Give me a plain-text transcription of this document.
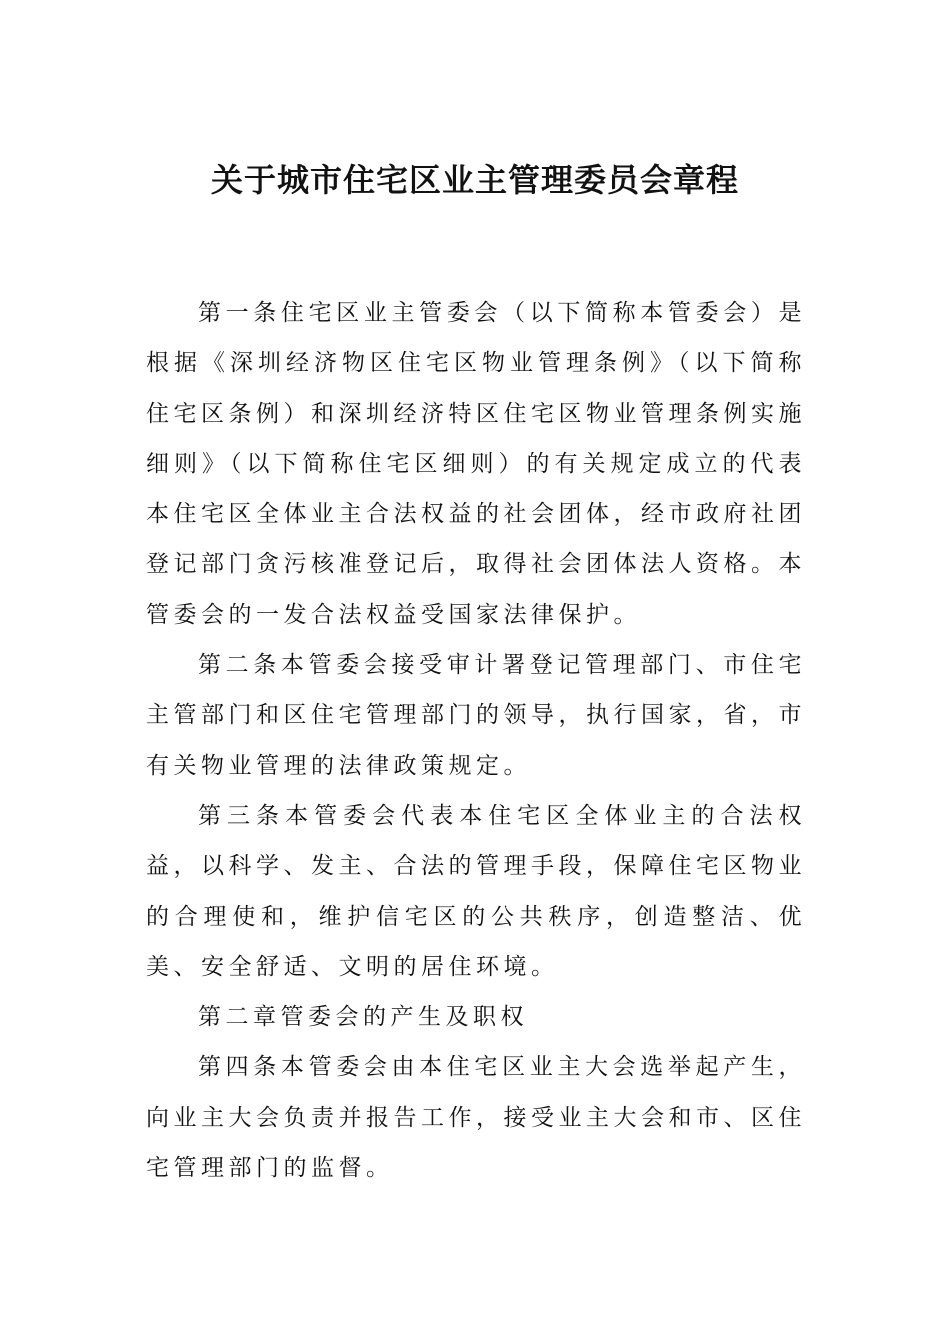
关于城市住宅区业主管理委员会章程

第一条住宅区业主管委会（以下简称本管委会）是根据《深圳经济物区住宅区物业管理条例》（以下简称住宅区条例）和深圳经济特区住宅区物业管理条例实施细则》（以下简称住宅区细则）的有关规定成立的代表本住宅区全体业主合法权益的社会团体，经市政府社团登记部门贪污核准登记后，取得社会团体法人资格。本管委会的一发合法权益受国家法律保护。

第二条本管委会接受审计署登记管理部门、市住宅主管部门和区住宅管理部门的领导，执行国家，省，市有关物业管理的法律政策规定。

第三条本管委会代表本住宅区全体业主的合法权益，以科学、发主、合法的管理手段，保障住宅区物业的合理使和，维护信宅区的公共秩序，创造整洁、优美、安全舒适、文明的居住环境。

第二章管委会的产生及职权

第四条本管委会由本住宅区业主大会选举起产生，向业主大会负责并报告工作，接受业主大会和市、区住宅管理部门的监督。
